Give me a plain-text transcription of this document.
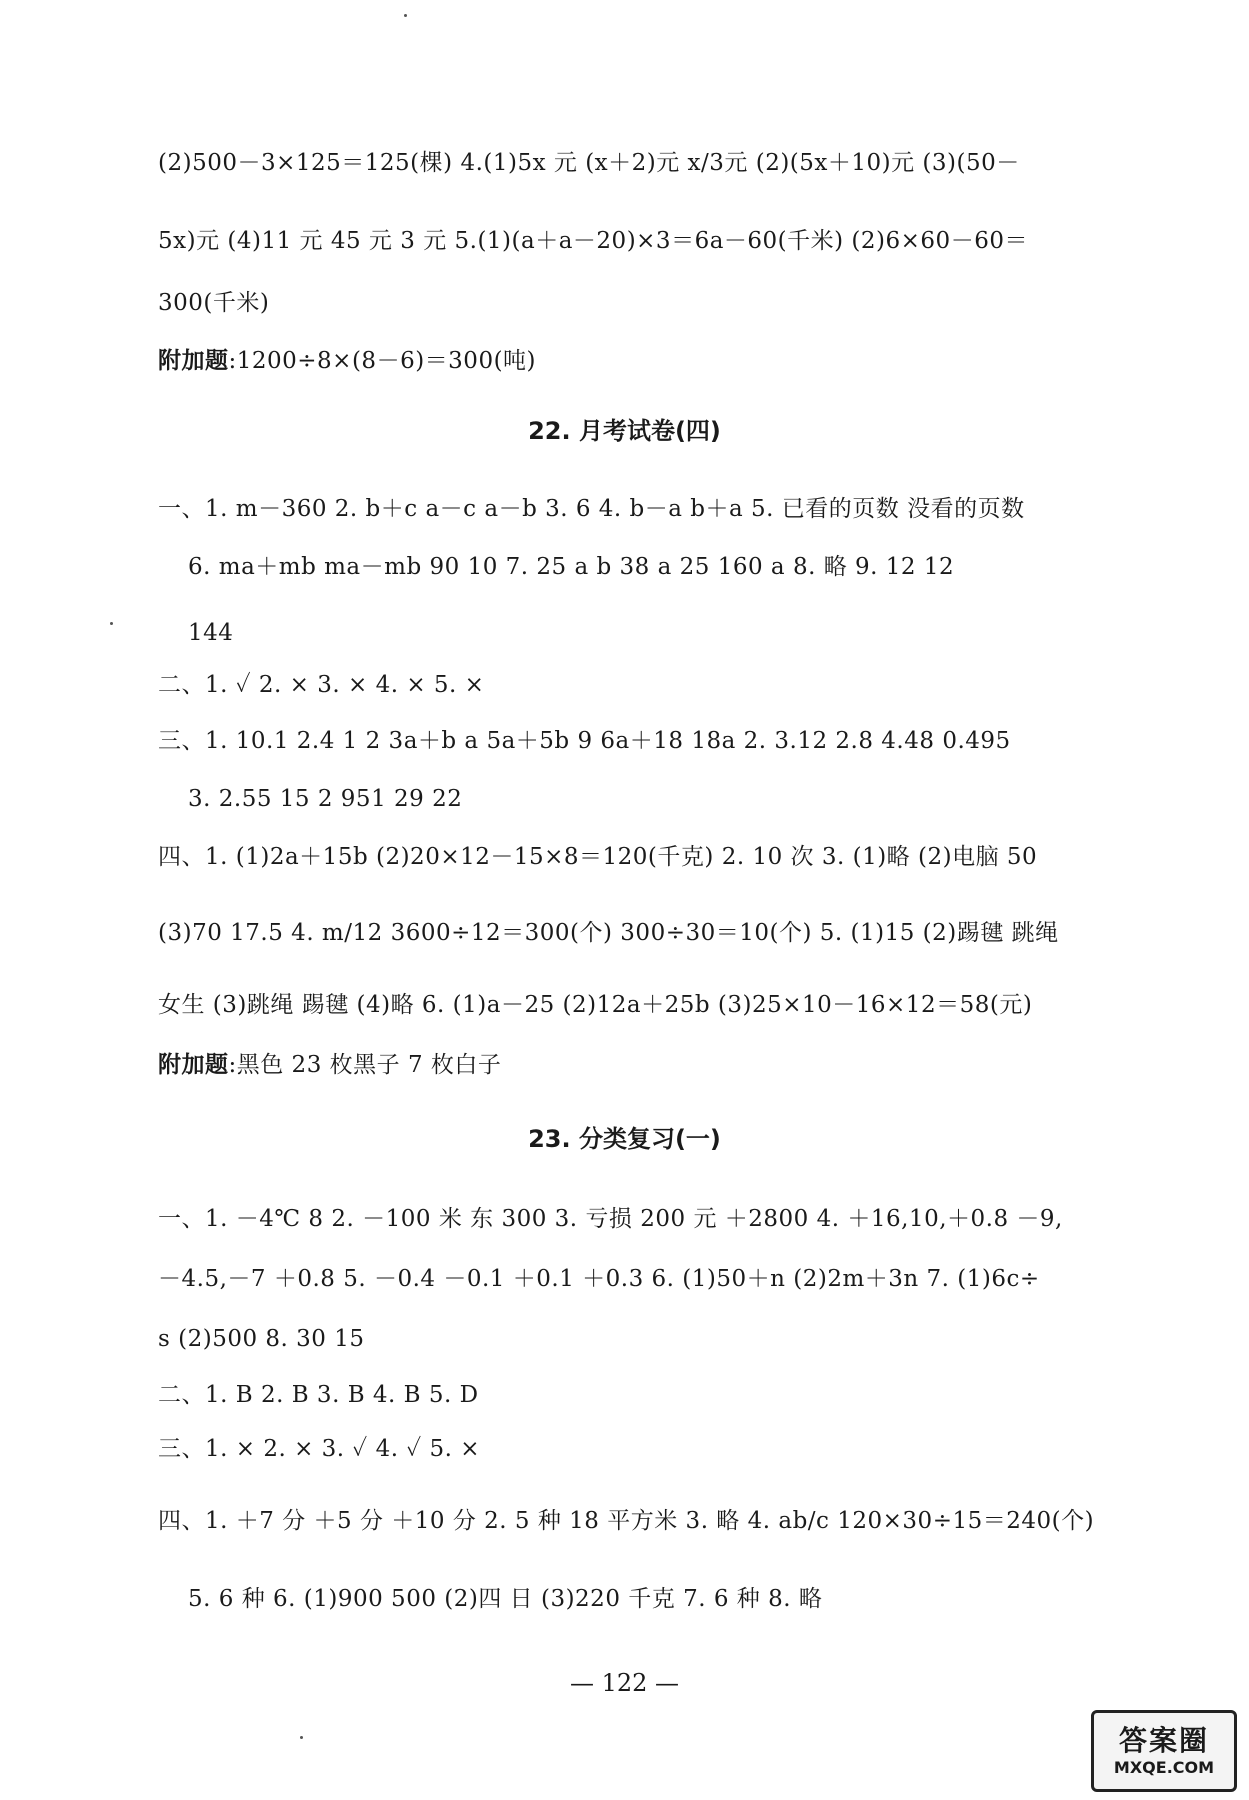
(2)500－3×125＝125(棵) 4.(1)5x 元 (x＋2)元 x/3元 (2)(5x＋10)元 (3)(50－
5x)元 (4)11 元 45 元 3 元 5.(1)(a＋a－20)×3＝6a－60(千米) (2)6×60－60＝
300(千米)
附加题:1200÷8×(8－6)＝300(吨)
22. 月考试卷(四)
一、1. m－360 2. b＋c a－c a－b 3. 6 4. b－a b＋a 5. 已看的页数 没看的页数
6. ma＋mb ma－mb 90 10 7. 25 a b 38 a 25 160 a 8. 略 9. 12 12
144
二、1. ✓ 2. × 3. × 4. × 5. ×
三、1. 10.1 2.4 1 2 3a＋b a 5a＋5b 9 6a＋18 18a 2. 3.12 2.8 4.48 0.495
3. 2.55 15 2 951 29 22
四、1. (1)2a＋15b (2)20×12－15×8＝120(千克) 2. 10 次 3. (1)略 (2)电脑 50
(3)70 17.5 4. m/12 3600÷12＝300(个) 300÷30＝10(个) 5. (1)15 (2)踢毽 跳绳
女生 (3)跳绳 踢毽 (4)略 6. (1)a－25 (2)12a＋25b (3)25×10－16×12＝58(元)
附加题:黑色 23 枚黑子 7 枚白子
23. 分类复习(一)
一、1. －4℃ 8 2. －100 米 东 300 3. 亏损 200 元 ＋2800 4. ＋16,10,＋0.8 －9,
－4.5,－7 ＋0.8 5. －0.4 －0.1 ＋0.1 ＋0.3 6. (1)50＋n (2)2m＋3n 7. (1)6c÷
s (2)500 8. 30 15
二、1. B 2. B 3. B 4. B 5. D
三、1. × 2. × 3. ✓ 4. ✓ 5. ×
四、1. ＋7 分 ＋5 分 ＋10 分 2. 5 种 18 平方米 3. 略 4. ab/c 120×30÷15＝240(个)
5. 6 种 6. (1)900 500 (2)四 日 (3)220 千克 7. 6 种 8. 略
— 122 —
答案圈
MXQE.COM
